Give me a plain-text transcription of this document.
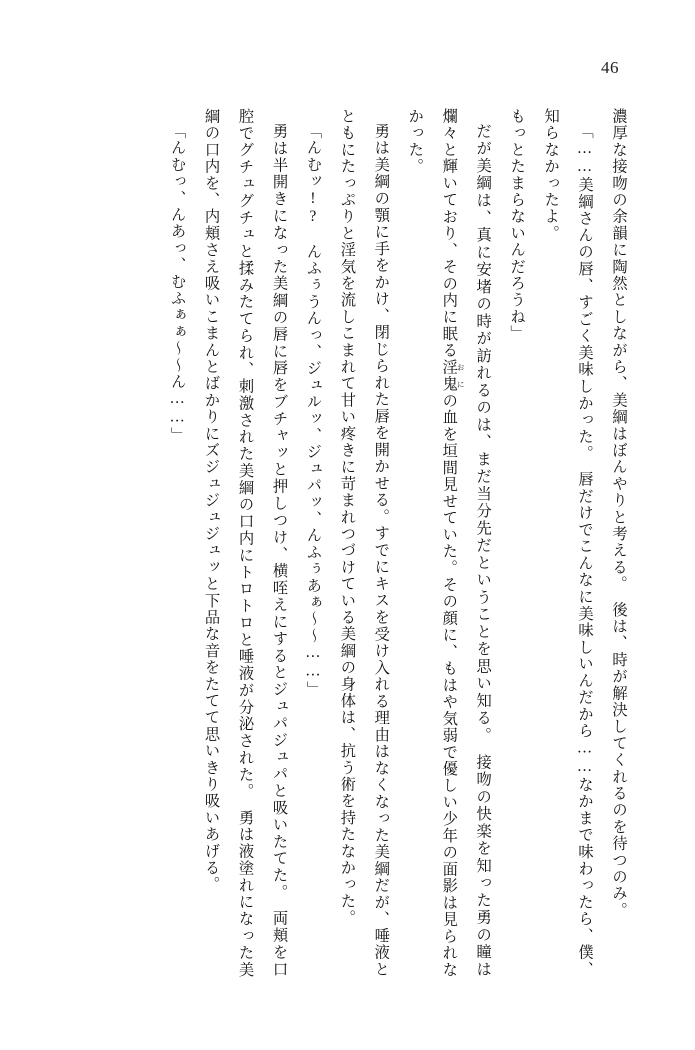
46

濃厚な接吻の余韻に陶然としながら、美綱はぼんやりと考える。　後は、時が解決してくれるのを待つのみ。

「……美綱さんの唇、すごく美味しかった。　唇だけでこんなに美味しいんだから……なかまで味わったら、僕、知らなかったよ。

もっとたまらないんだろうね」

だが美綱は、真に安堵の時が訪れるのは、まだ当分先だということを思い知る。　接吻の快楽を知った勇の瞳は爛々と輝いており、その内に眠る淫鬼 おにの血を垣間見せていた。その顔に、もはや気弱で優しい少年の面影は見られなかった。

勇は美綱の顎に手をかけ、閉じられた唇を開かせる。すでにキスを受け入れる理由はなくなった美綱だが、唾液とともにたっぷりと淫気を流しこまれて甘い疼きに苛まれつづけている美綱の身体は、抗う術を持たなかった。

「んむッ!?　んふぅうんっ、ジュルッ、ジュパッ、んふぅあぁ〜〜……」

勇は半開きになった美綱の唇に唇をブチャッと押しつけ、横咥えにするとジュパジュパと吸いたてた。　両頬を口腔でグチュグチュと揉みたてられ、刺激された美綱の口内にトロトロと唾液が分泌された。　勇は液塗れになった美綱の口内を、内頬さえ吸いこまんとばかりにズジュジュジュッと下品な音をたてて思いきり吸いあげる。

「んむっ、んあっ、むふぁぁ〜〜ん……」
